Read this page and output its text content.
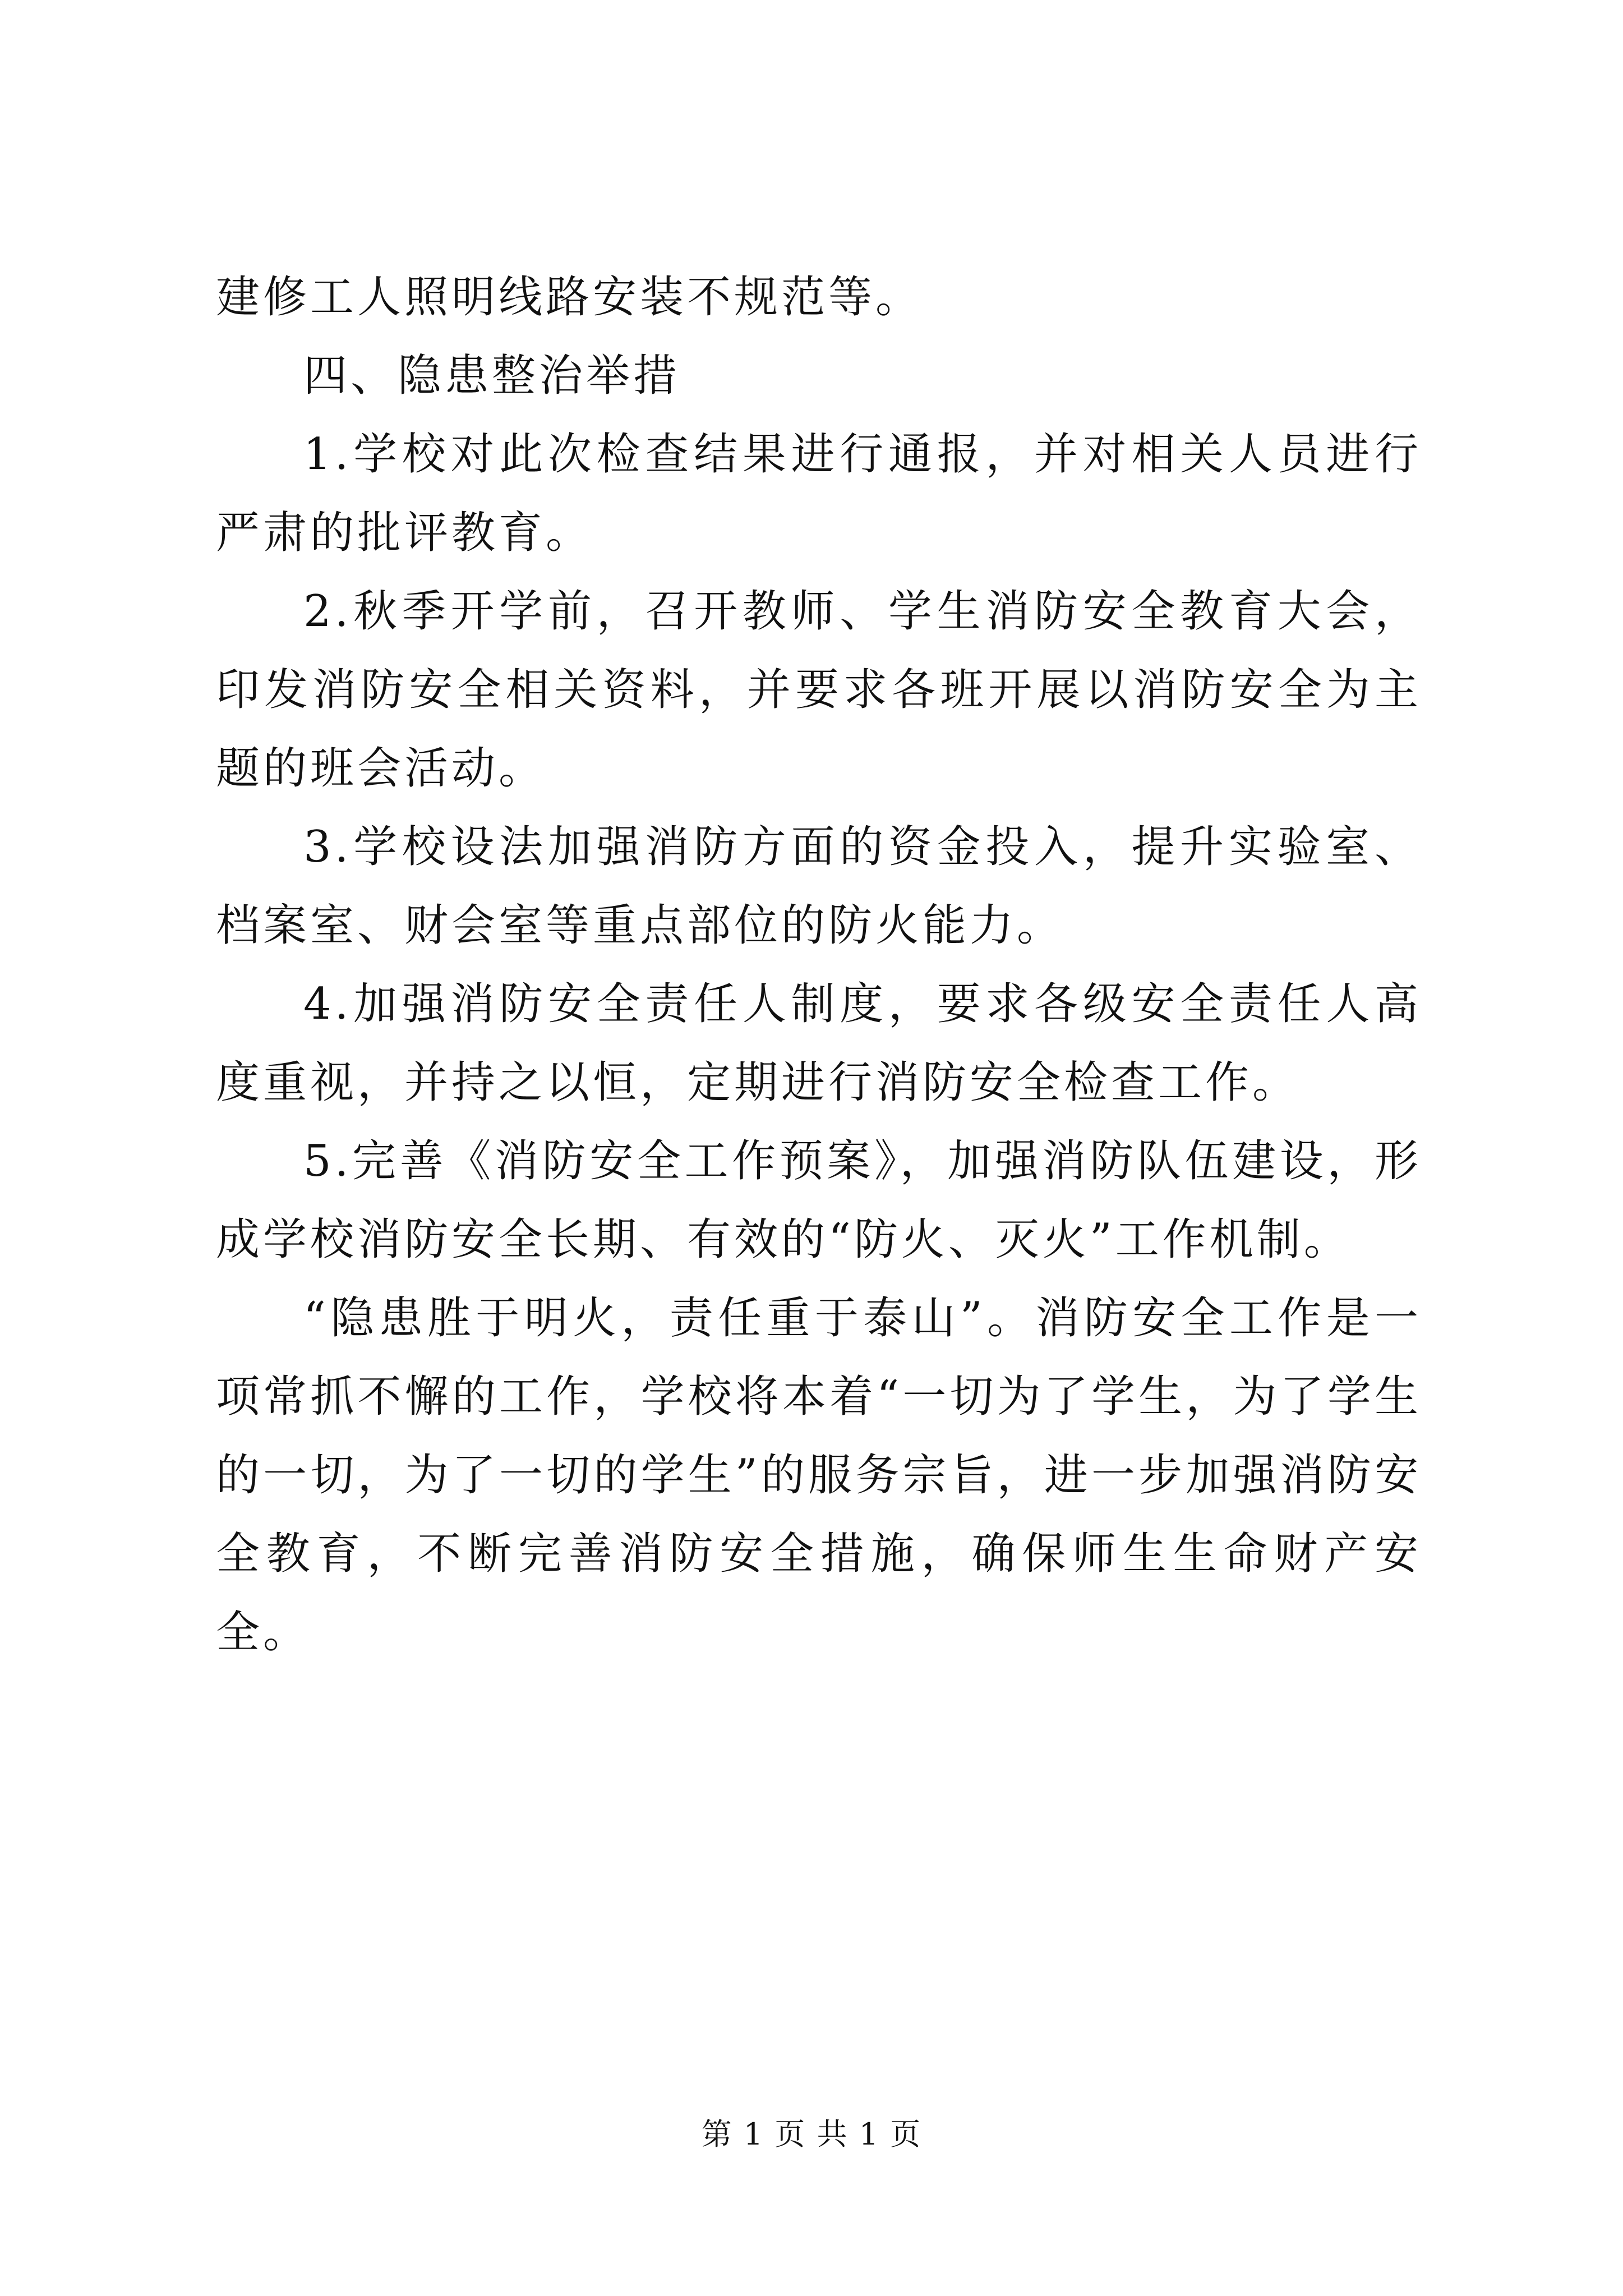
建修工人照明线路安装不规范等。

四、隐患整治举措

1.学校对此次检查结果进行通报，并对相关人员进行严肃的批评教育。

2.秋季开学前，召开教师、学生消防安全教育大会，印发消防安全相关资料，并要求各班开展以消防安全为主题的班会活动。

3.学校设法加强消防方面的资金投入，提升实验室、档案室、财会室等重点部位的防火能力。

4.加强消防安全责任人制度，要求各级安全责任人高度重视，并持之以恒，定期进行消防安全检查工作。

5.完善《消防安全工作预案》，加强消防队伍建设，形成学校消防安全长期、有效的“防火、灭火”工作机制。

“隐患胜于明火，责任重于泰山”。消防安全工作是一项常抓不懈的工作，学校将本着“一切为了学生，为了学生的一切，为了一切的学生”的服务宗旨，进一步加强消防安全教育，不断完善消防安全措施，确保师生生命财产安全。

第 1 页 共 1 页
